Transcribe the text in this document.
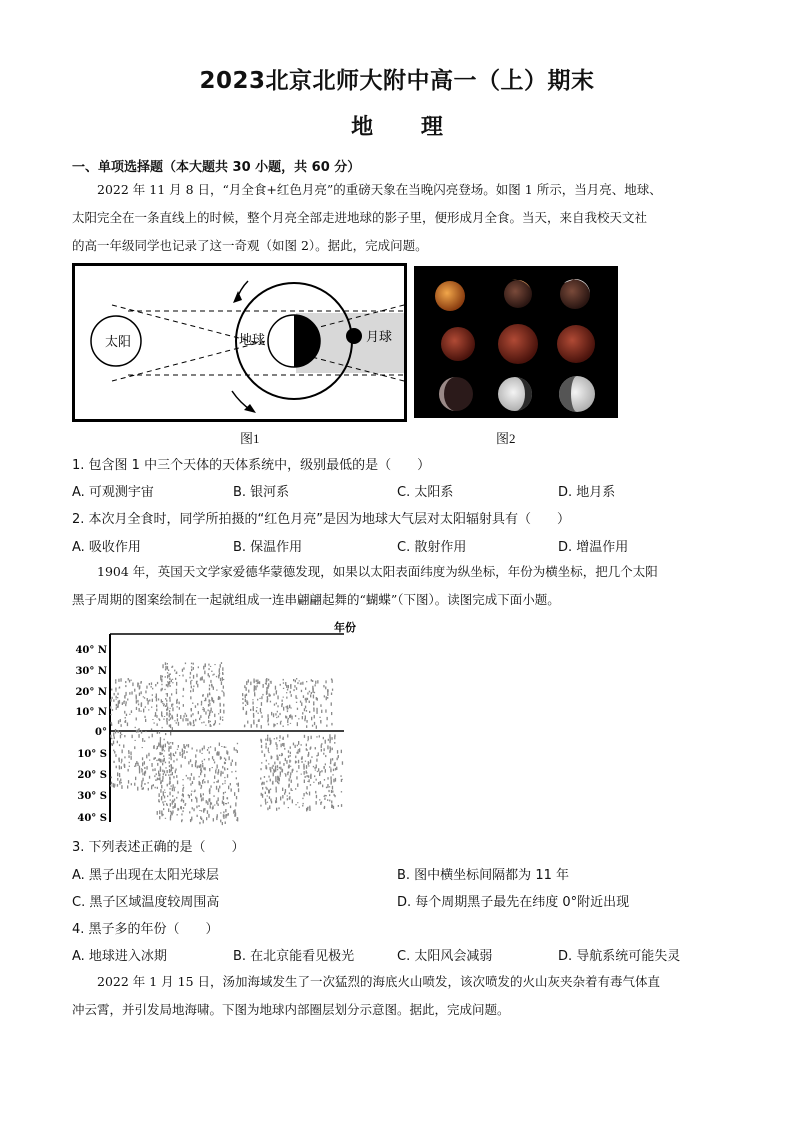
2023北京北师大附中高一（上）期末
地 理
一、单项选择题（本大题共 30 小题，共 60 分）
2022 年 11 月 8 日，“月全食+红色月亮”的重磅天象在当晚闪亮登场。如图 1 所示，当月亮、地球、
太阳完全在一条直线上的时候，整个月亮全部走进地球的影子里，便形成月全食。当天，来自我校天文社
的高一年级同学也记录了这一奇观（如图 2）。据此，完成问题。
太阳	地球	月球
图1	图2
1. 包含图 1 中三个天体的天体系统中，级别最低的是（　　）
A. 可观测宇宙	B. 银河系	C. 太阳系	D. 地月系
2. 本次月全食时，同学所拍摄的“红色月亮”是因为地球大气层对太阳辐射具有（　　）
A. 吸收作用	B. 保温作用	C. 散射作用	D. 增温作用
1904 年，英国天文学家爱德华蒙德发现，如果以太阳表面纬度为纵坐标，年份为横坐标，把几个太阳
黑子周期的图案绘制在一起就组成一连串翩翩起舞的“蝴蝶”（下图）。读图完成下面小题。
年份
40° N
30° N
20° N
10° N
0°
10° S
20° S
30° S
40° S
3. 下列表述正确的是（　　）
A. 黑子出现在太阳光球层	B. 图中横坐标间隔都为 11 年
C. 黑子区域温度较周围高	D. 每个周期黑子最先在纬度 0°附近出现
4. 黑子多的年份（　　）
A. 地球进入冰期	B. 在北京能看见极光	C. 太阳风会减弱	D. 导航系统可能失灵
2022 年 1 月 15 日，汤加海域发生了一次猛烈的海底火山喷发，该次喷发的火山灰夹杂着有毒气体直
冲云霄，并引发局地海啸。下图为地球内部圈层划分示意图。据此，完成问题。
